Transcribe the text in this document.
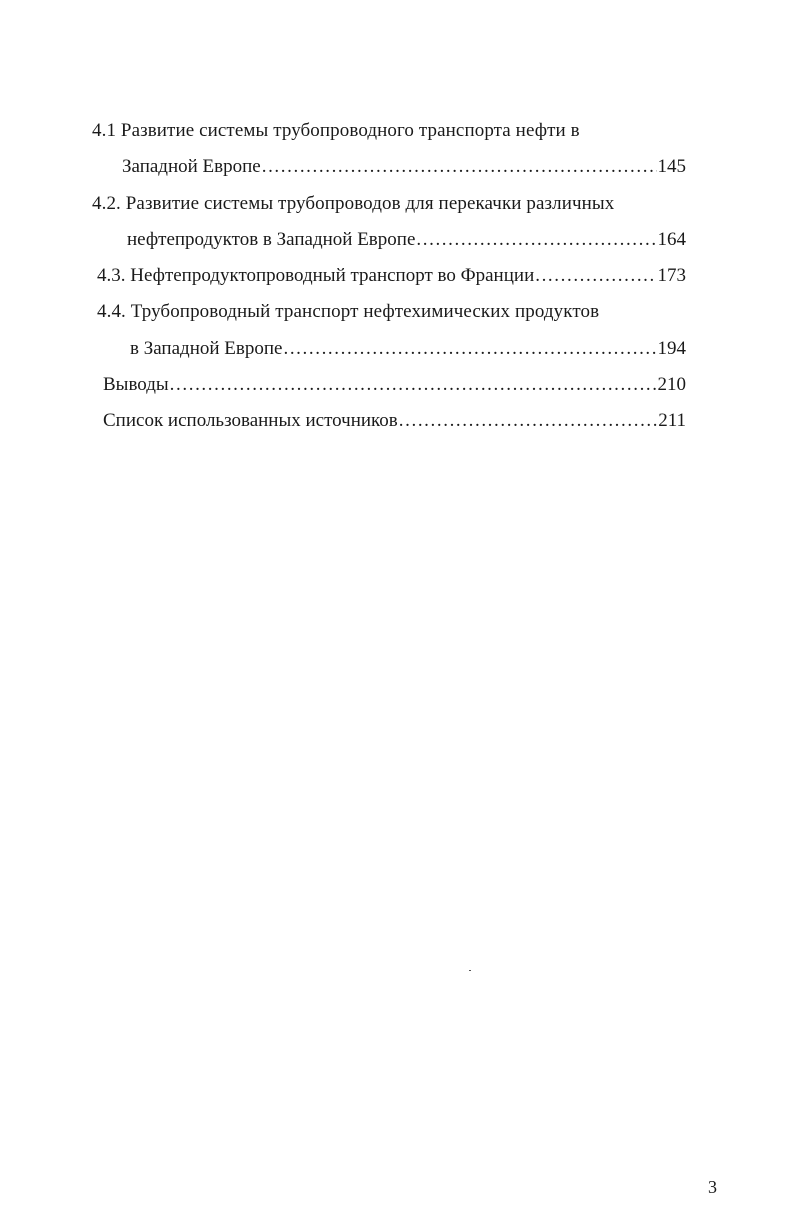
4.1 Развитие системы трубопроводного транспорта нефти в
Западной Европе .....	145
4.2. Развитие системы трубопроводов для перекачки различных
нефтепродуктов в Западной Европе .....	164
4.3. Нефтепродуктопроводный транспорт во Франции .....	173
4.4. Трубопроводный транспорт нефтехимических продуктов
в Западной Европе .....	194
Выводы .....	210
Список использованных источников .....	211
3
